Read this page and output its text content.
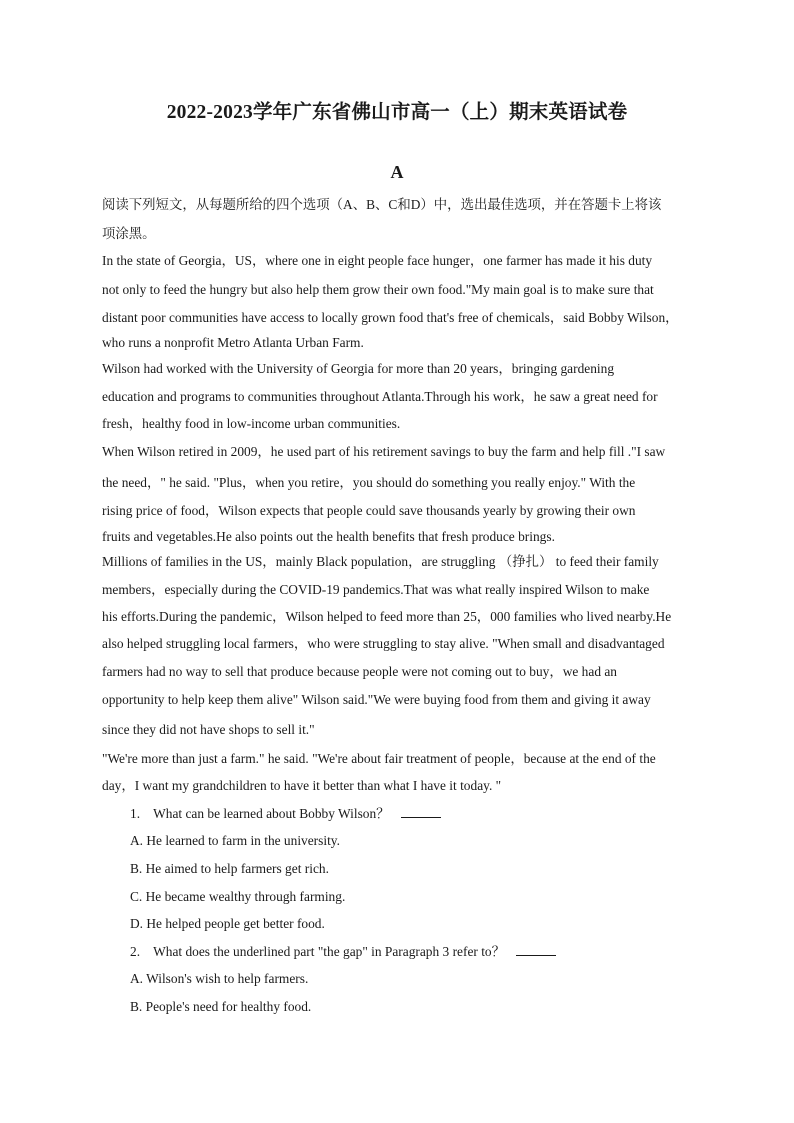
2022-2023学年广东省佛山市高一（上）期末英语试卷
A
阅读下列短文，从每题所给的四个选项（A、B、C和D）中，选出最佳选项，并在答题卡上将该
项涂黑。
In the state of Georgia，US，where one in eight people face hunger，one farmer has made it his duty
not only to feed the hungry but also help them grow their own food."My main goal is to make sure that
distant poor communities have access to locally grown food that's free of chemicals，said Bobby Wilson，
who runs a nonprofit Metro Atlanta Urban Farm.
Wilson had worked with the University of Georgia for more than 20 years，bringing gardening
education and programs to communities throughout Atlanta.Through his work，he saw a great need for
fresh，healthy food in low-income urban communities.
When Wilson retired in 2009，he used part of his retirement savings to buy the farm and help fill ."I saw
the need，" he said. "Plus，when you retire，you should do something you really enjoy." With the
rising price of food，Wilson expects that people could save thousands yearly by growing their own
fruits and vegetables.He also points out the health benefits that fresh produce brings.
Millions of families in the US，mainly Black population，are struggling （挣扎） to feed their family
members，especially during the COVID-19 pandemics.That was what really inspired Wilson to make
his efforts.During the pandemic，Wilson helped to feed more than 25，000 families who lived nearby.He
also helped struggling local farmers，who were struggling to stay alive. "When small and disadvantaged
farmers had no way to sell that produce because people were not coming out to buy，we had an
opportunity to help keep them alive" Wilson said."We were buying food from them and giving it away
since they did not have shops to sell it."
"We're more than just a farm." he said. "We're about fair treatment of people，because at the end of the
day，I want my grandchildren to have it better than what I have it today. "
1. What can be learned about Bobby Wilson？
A. He learned to farm in the university.
B. He aimed to help farmers get rich.
C. He became wealthy through farming.
D. He helped people get better food.
2. What does the underlined part "the gap" in Paragraph 3 refer to？
A. Wilson's wish to help farmers.
B. People's need for healthy food.
